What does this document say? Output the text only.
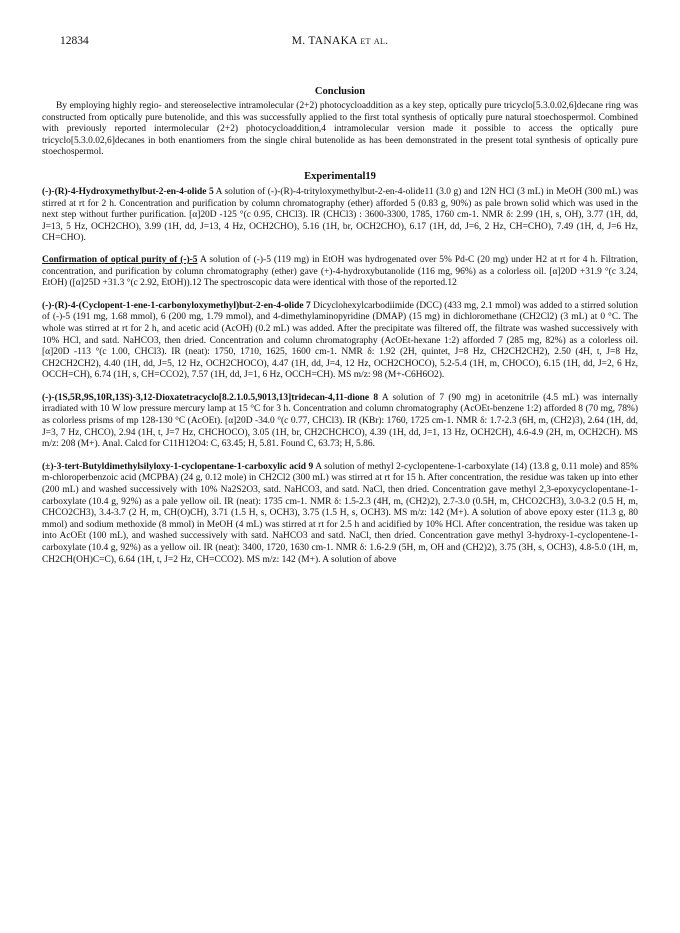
12834	M. TANAKA et al.
Conclusion

By employing highly regio- and stereoselective intramolecular (2+2) photocycloaddition as a key step, optically pure tricyclo[5.3.0.02,6]decane ring was constructed from optically pure butenolide, and this was successfully applied to the first total synthesis of optically pure natural stoechospermol. Combined with previously reported intermolecular (2+2) photocycloaddition,4 intramolecular version made it possible to access the optically pure tricyclo[5.3.0.02,6]decanes in both enantiomers from the single chiral butenolide as has been demonstrated in the present total synthesis of optically pure stoechospermol.

Experimental19

(-)-(R)-4-Hydroxymethylbut-2-en-4-olide 5 A solution of (-)-(R)-4-trityloxymethylbut-2-en-4-olide11 (3.0 g) and 12N HCl (3 mL) in MeOH (300 mL) was stirred at rt for 2 h. Concentration and purification by column chromatography (ether) afforded 5 (0.83 g, 90%) as pale brown solid which was used in the next step without further purification. [α]20D -125 °(c 0.95, CHCl3). IR (CHCl3) : 3600-3300, 1785, 1760 cm-1. NMR δ: 2.99 (1H, s, OH), 3.77 (1H, dd, J=13, 5 Hz, OCH2CHO), 3.99 (1H, dd, J=13, 4 Hz, OCH2CHO), 5.16 (1H, br, OCH2CHO), 6.17 (1H, dd, J=6, 2 Hz, CH=CHO), 7.49 (1H, d, J=6 Hz, CH=CHO).

Confirmation of optical purity of (-)-5 A solution of (-)-5 (119 mg) in EtOH was hydrogenated over 5% Pd-C (20 mg) under H2 at rt for 4 h. Filtration, concentration, and purification by column chromatography (ether) gave (+)-4-hydroxybutanolide (116 mg, 96%) as a colorless oil. [α]20D +31.9 °(c 3.24, EtOH) ([α]25D +31.3 °(c 2.92, EtOH)).12 The spectroscopic data were identical with those of the reported.12

(-)-(R)-4-(Cyclopent-1-ene-1-carbonyloxymethyl)but-2-en-4-olide 7 Dicyclohexylcarbodiimide (DCC) (433 mg, 2.1 mmol) was added to a stirred solution of (-)-5 (191 mg, 1.68 mmol), 6 (200 mg, 1.79 mmol), and 4-dimethylaminopyridine (DMAP) (15 mg) in dichloromethane (CH2Cl2) (3 mL) at 0 °C. The whole was stirred at rt for 2 h, and acetic acid (AcOH) (0.2 mL) was added. After the precipitate was filtered off, the filtrate was washed successively with 10% HCl, and satd. NaHCO3, then dried. Concentration and column chromatography (AcOEt-hexane 1:2) afforded 7 (285 mg, 82%) as a colorless oil. [α]20D -113 °(c 1.00, CHCl3). IR (neat): 1750, 1710, 1625, 1600 cm-1. NMR δ: 1.92 (2H, quintet, J=8 Hz, CH2CH2CH2), 2.50 (4H, t, J=8 Hz, CH2CH2CH2), 4.40 (1H, dd, J=5, 12 Hz, OCH2CHOCO), 4.47 (1H, dd, J=4, 12 Hz, OCH2CHOCO), 5.2-5.4 (1H, m, CHOCO), 6.15 (1H, dd, J=2, 6 Hz, OCCH=CH), 6.74 (1H, s, CH=CCO2), 7.57 (1H, dd, J=1, 6 Hz, OCCH=CH). MS m/z: 98 (M+-C6H6O2).

(-)-(1S,5R,9S,10R,13S)-3,12-Dioxatetracyclo[8.2.1.0.5,9013,13]tridecan-4,11-dione 8 A solution of 7 (90 mg) in acetonitrile (4.5 mL) was internally irradiated with 10 W low pressure mercury lamp at 15 °C for 3 h. Concentration and column chromatography (AcOEt-benzene 1:2) afforded 8 (70 mg, 78%) as colorless prisms of mp 128-130 °C (AcOEt). [α]20D -34.0 °(c 0.77, CHCl3). IR (KBr): 1760, 1725 cm-1. NMR δ: 1.7-2.3 (6H, m, (CH2)3), 2.64 (1H, dd, J=3, 7 Hz, CHCO), 2.94 (1H, t, J=7 Hz, CHCHOCO), 3.05 (1H, br, CH2CHCHCO), 4.39 (1H, dd, J=1, 13 Hz, OCH2CH), 4.6-4.9 (2H, m, OCH2CH). MS m/z: 208 (M+). Anal. Calcd for C11H12O4: C, 63.45; H, 5.81. Found C, 63.73; H, 5.86.

(±)-3-tert-Butyldimethylsilyloxy-1-cyclopentane-1-carboxylic acid 9 A solution of methyl 2-cyclopentene-1-carboxylate (14) (13.8 g, 0.11 mole) and 85% m-chloroperbenzoic acid (MCPBA) (24 g, 0.12 mole) in CH2Cl2 (300 mL) was stirred at rt for 15 h. After concentration, the residue was taken up into ether (200 mL) and washed successively with 10% Na2S2O3, satd. NaHCO3, and satd. NaCl, then dried. Concentration gave methyl 2,3-epoxycyclopentane-1-carboxylate (10.4 g, 92%) as a pale yellow oil. IR (neat): 1735 cm-1. NMR δ: 1.5-2.3 (4H, m, (CH2)2), 2.7-3.0 (0.5H, m, CHCO2CH3), 3.0-3.2 (0.5 H, m, CHCO2CH3), 3.4-3.7 (2 H, m, CH(O)CH), 3.71 (1.5 H, s, OCH3), 3.75 (1.5 H, s, OCH3). MS m/z: 142 (M+). A solution of above epoxy ester (11.3 g, 80 mmol) and sodium methoxide (8 mmol) in MeOH (4 mL) was stirred at rt for 2.5 h and acidified by 10% HCl. After concentration, the residue was taken up into AcOEt (100 mL), and washed successively with satd. NaHCO3 and satd. NaCl, then dried. Concentration gave methyl 3-hydroxy-1-cyclopentene-1-carboxylate (10.4 g, 92%) as a yellow oil. IR (neat): 3400, 1720, 1630 cm-1. NMR δ: 1.6-2.9 (5H, m, OH and (CH2)2), 3.75 (3H, s, OCH3), 4.8-5.0 (1H, m, CH2CH(OH)C=C), 6.64 (1H, t, J=2 Hz, CH=CCO2). MS m/z: 142 (M+). A solution of above
